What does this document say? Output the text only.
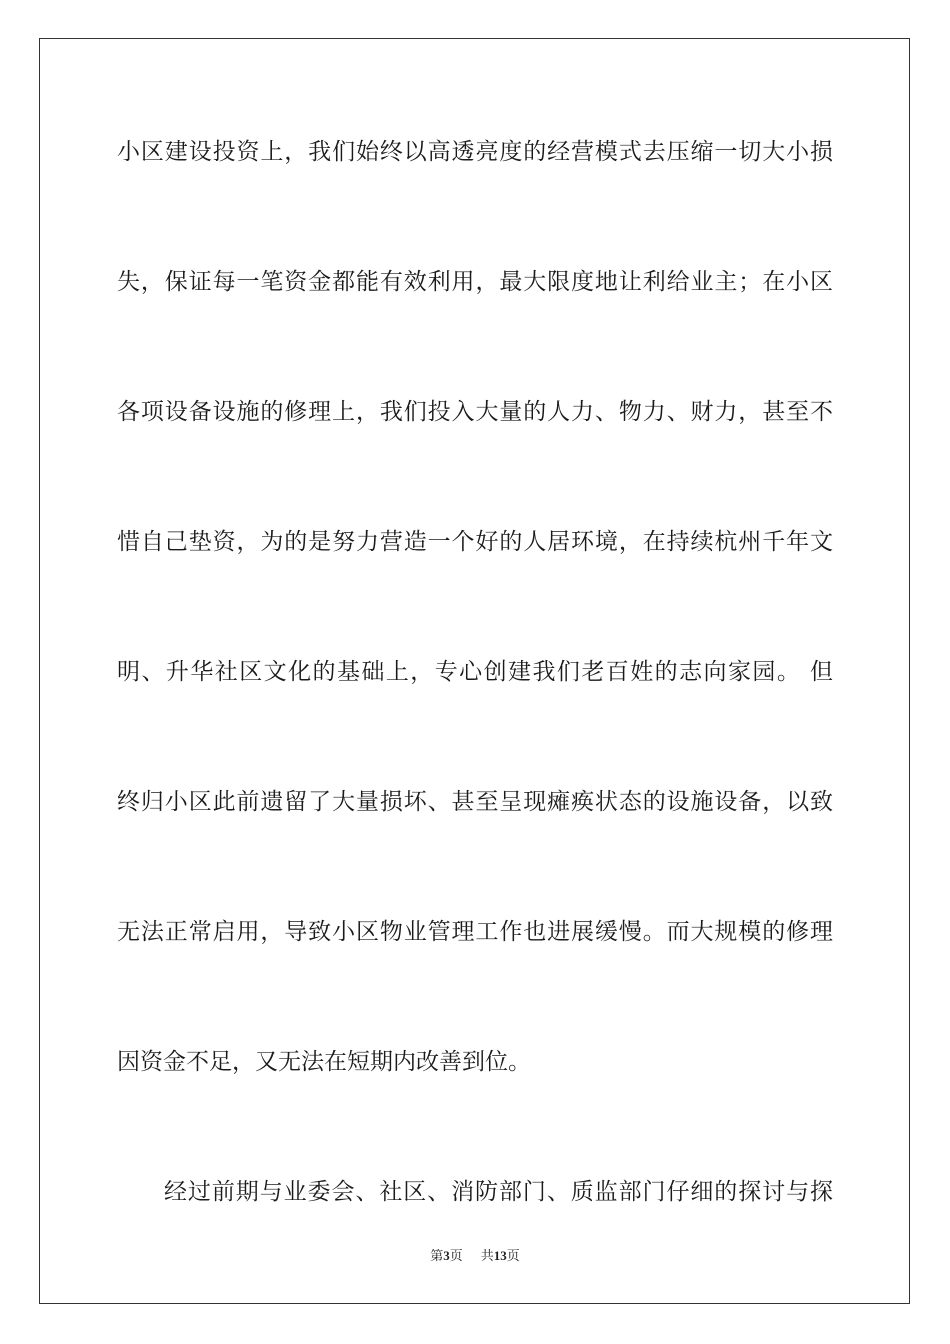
小区建设投资上，我们始终以高透亮度的经营模式去压缩一切大小损
失，保证每一笔资金都能有效利用，最大限度地让利给业主；在小区
各项设备设施的修理上，我们投入大量的人力、物力、财力，甚至不
惜自己垫资，为的是努力营造一个好的人居环境，在持续杭州千年文
明、升华社区文化的基础上，专心创建我们老百姓的志向家园。 但
终归小区此前遗留了大量损坏、甚至呈现瘫痪状态的设施设备，以致
无法正常启用，导致小区物业管理工作也进展缓慢。而大规模的修理
因资金不足，又无法在短期内改善到位。
经过前期与业委会、社区、消防部门、质监部门仔细的探讨与探
第3页 共13页
